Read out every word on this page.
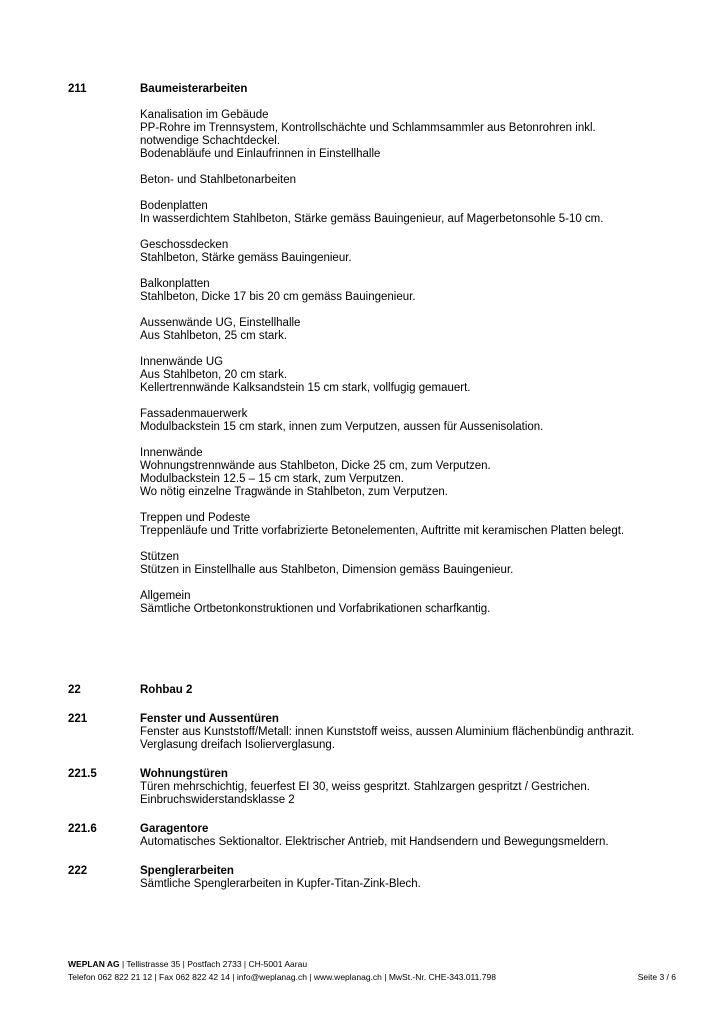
211	Baumeisterarbeiten

Kanalisation im Gebäude
PP-Rohre im Trennsystem, Kontrollschächte und Schlammsammler aus Betonrohren inkl.
notwendige Schachtdeckel.
Bodenabläufe und Einlaufrinnen in Einstellhalle

Beton- und Stahlbetonarbeiten

Bodenplatten
In wasserdichtem Stahlbeton, Stärke gemäss Bauingenieur, auf Magerbetonsohle 5-10 cm.

Geschossdecken
Stahlbeton, Stärke gemäss Bauingenieur.

Balkonplatten
Stahlbeton, Dicke 17 bis 20 cm gemäss Bauingenieur.

Aussenwände UG, Einstellhalle
Aus Stahlbeton, 25 cm stark.

Innenwände UG
Aus Stahlbeton, 20 cm stark.
Kellertrennwände Kalksandstein 15 cm stark, vollfugig gemauert.

Fassadenmauerwerk
Modulbackstein 15 cm stark, innen zum Verputzen, aussen für Aussenisolation.

Innenwände
Wohnungstrennwände aus Stahlbeton, Dicke 25 cm, zum Verputzen.
Modulbackstein 12.5 – 15 cm stark, zum Verputzen.
Wo nötig einzelne Tragwände in Stahlbeton, zum Verputzen.

Treppen und Podeste
Treppenläufe und Tritte vorfabrizierte Betonelementen, Auftritte mit keramischen Platten belegt.

Stützen
Stützen in Einstellhalle aus Stahlbeton, Dimension gemäss Bauingenieur.

Allgemein
Sämtliche Ortbetonkonstruktionen und Vorfabrikationen scharfkantig.

22	Rohbau 2
221	Fenster und Aussentüren

Fenster aus Kunststoff/Metall: innen Kunststoff weiss, aussen Aluminium flächenbündig anthrazit.
Verglasung dreifach Isolierverglasung.

221.5	Wohnungstüren

Türen mehrschichtig, feuerfest EI 30, weiss gespritzt. Stahlzargen gespritzt / Gestrichen.
Einbruchswiderstandsklasse 2

221.6	Garagentore

Automatisches Sektionaltor. Elektrischer Antrieb, mit Handsendern und Bewegungsmeldern.

222	Spenglerarbeiten

Sämtliche Spenglerarbeiten in Kupfer-Titan-Zink-Blech.

WEPLAN AG | Tellistrasse 35 | Postfach 2733 | CH-5001 Aarau
Telefon 062 822 21 12 | Fax 062 822 42 14 | info@weplanag.ch | www.weplanag.ch | MwSt.-Nr. CHE-343.011.798	Seite 3 / 6
